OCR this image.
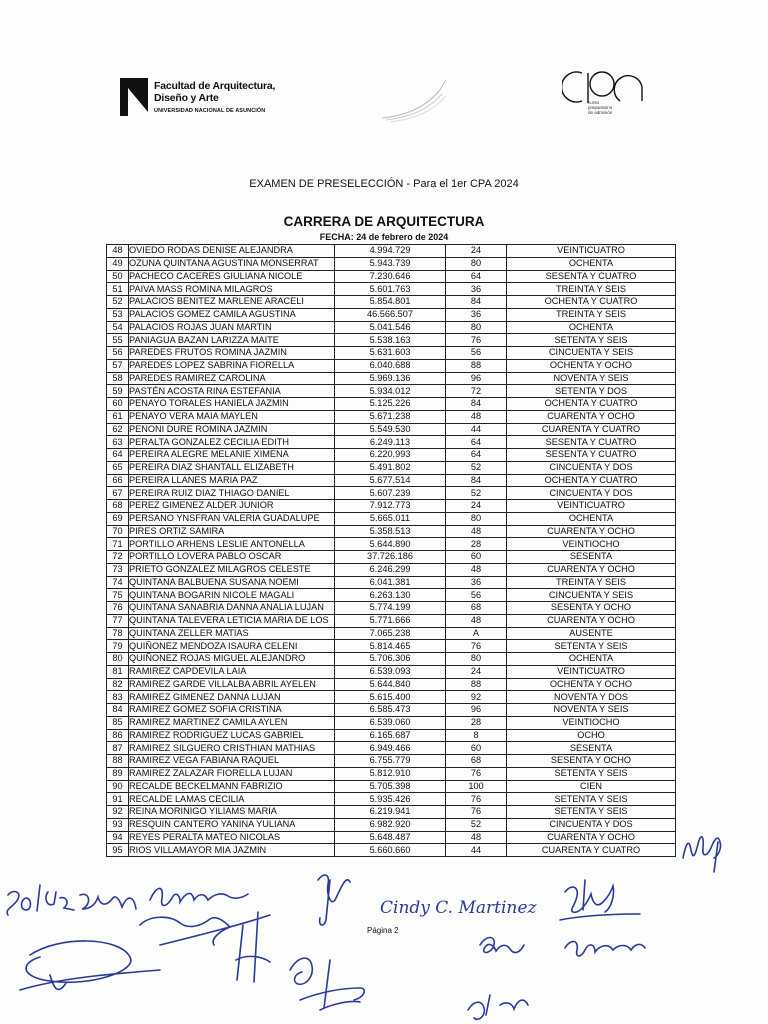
Facultad de Arquitectura,
Diseño y Arte
UNIVERSIDAD NACIONAL DE ASUNCIÓN
curso
preparatorio
de admisión
EXAMEN DE PRESELECCIÓN - Para el 1er CPA 2024
CARRERA DE ARQUITECTURA
FECHA: 24 de febrero de 2024
48	OVIEDO RODAS DENISE ALEJANDRA	4.994.729	24	VEINTICUATRO
49	OZUNA QUINTANA AGUSTINA MONSERRAT	5.943.739	80	OCHENTA
50	PACHECO CACERES GIULIANA NICOLE	7.230.646	64	SESENTA Y CUATRO
51	PAIVA MASS ROMINA MILAGROS	5.601.763	36	TREINTA Y SEIS
52	PALACIOS BENITEZ MARLENE ARACELI	5.854.801	84	OCHENTA Y CUATRO
53	PALACIOS GOMEZ CAMILA AGUSTINA	46.566.507	36	TREINTA Y SEIS
54	PALACIOS ROJAS JUAN MARTIN	5.041.546	80	OCHENTA
55	PANIAGUA BAZAN LARIZZA MAITE	5.538.163	76	SETENTA Y SEIS
56	PAREDES FRUTOS ROMINA JAZMIN	5.631.603	56	CINCUENTA Y SEIS
57	PAREDES LOPEZ SABRINA FIORELLA	6.040.688	88	OCHENTA Y OCHO
58	PAREDES RAMIREZ CAROLINA	5.969.136	96	NOVENTA Y SEIS
59	PASTÉN ACOSTA RINA ESTEFANIA	5.934.012	72	SETENTA Y DOS
60	PENAYO TORALES HANIELA JAZMIN	5.125.226	84	OCHENTA Y CUATRO
61	PENAYO VERA MAIA MAYLEN	5.671.238	48	CUARENTA Y OCHO
62	PENONI DURE ROMINA JAZMIN	5.549.530	44	CUARENTA Y CUATRO
63	PERALTA GONZALEZ CECILIA EDITH	6.249.113	64	SESENTA Y CUATRO
64	PEREIRA ALEGRE MELANIE XIMENA	6.220.993	64	SESENTA Y CUATRO
65	PEREIRA DIAZ SHANTALL ELIZABETH	5.491.802	52	CINCUENTA Y DOS
66	PEREIRA LLANES MARIA PAZ	5.677.514	84	OCHENTA Y CUATRO
67	PEREIRA RUIZ DIAZ THIAGO DANIEL	5.607.239	52	CINCUENTA Y DOS
68	PEREZ GIMENEZ ALDER JUNIOR	7.912.773	24	VEINTICUATRO
69	PERSANO YNSFRAN VALERIA GUADALUPE	5.665.011	80	OCHENTA
70	PIRES ORTIZ SAMIRA	5.358.513	48	CUARENTA Y OCHO
71	PORTILLO ARHENS LESLIE ANTONELLA	5.644.890	28	VEINTIOCHO
72	PORTILLO LOVERA PABLO OSCAR	37.726.186	60	SESENTA
73	PRIETO GONZALEZ MILAGROS CELESTE	6.246.299	48	CUARENTA Y OCHO
74	QUINTANA BALBUENA SUSANA NOEMI	6.041.381	36	TREINTA Y SEIS
75	QUINTANA BOGARIN NICOLE MAGALI	6.263.130	56	CINCUENTA Y SEIS
76	QUINTANA SANABRIA DANNA ANALIA LUJAN	5.774.199	68	SESENTA Y OCHO
77	QUINTANA TALEVERA LETICIA MARIA DE LOS	5.771.666	48	CUARENTA Y OCHO
78	QUINTANA ZELLER MATIAS	7.065.238	A	AUSENTE
79	QUIÑONEZ MENDOZA ISAURA CELENI	5.814.465	76	SETENTA Y SEIS
80	QUIÑONEZ ROJAS MIGUEL ALEJANDRO	5.706.306	80	OCHENTA
81	RAMIREZ CAPDEVILA LAIA	6.539.093	24	VEINTICUATRO
82	RAMIREZ GARDE VILLALBA ABRIL AYELEN	5.644.840	88	OCHENTA Y OCHO
83	RAMIREZ GIMENEZ DANNA LUJAN	5.615.400	92	NOVENTA Y DOS
84	RAMIREZ GOMEZ SOFIA CRISTINA	6.585.473	96	NOVENTA Y SEIS
85	RAMIREZ MARTINEZ CAMILA AYLEN	6.539.060	28	VEINTIOCHO
86	RAMIREZ RODRIGUEZ LUCAS GABRIEL	6.165.687	8	OCHO
87	RAMIREZ SILGUERO CRISTHIAN MATHIAS	6.949.466	60	SESENTA
88	RAMIREZ VEGA FABIANA RAQUEL	6.755.779	68	SESENTA Y OCHO
89	RAMIREZ ZALAZAR FIORELLA LUJAN	5.812.910	76	SETENTA Y SEIS
90	RECALDE BECKELMANN FABRIZIO	5.705.398	100	CIEN
91	RECALDE LAMAS CECILIA	5.935.426	76	SETENTA Y SEIS
92	REINA MORINIGO YILIAMS MARIA	6.219.941	76	SETENTA Y SEIS
93	RESQUIN CANTERO YANINA YULIANA	6.982.920	52	CINCUENTA Y DOS
94	REYES PERALTA MATEO NICOLAS	5.648.487	48	CUARENTA Y OCHO
95	RIOS VILLAMAYOR MIA JAZMIN	5.660.660	44	CUARENTA Y CUATRO
Cindy C. Martinez
Página 2
